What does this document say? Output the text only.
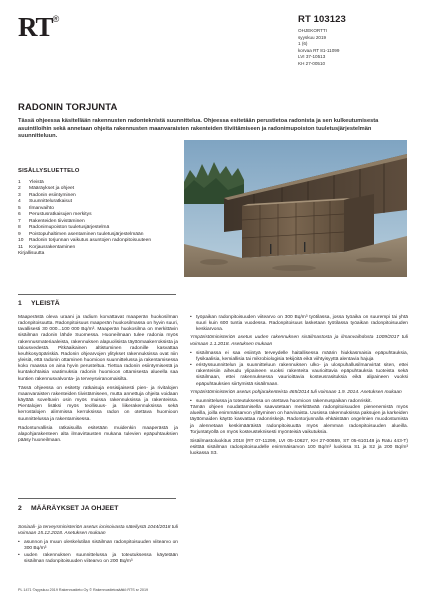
RT®	RT 103123
OHJEKORTTI
syyskuu 2019
1 (6)
korvaa RT 81-11099
LVI 37-10513
KH 27-00510
RADONIN TORJUNTA
Tässä ohjeessa käsitellään rakennusten radonteknistä suunnittelua. Ohjeessa esitetään perustietoa radonista ja sen kulkeutumisesta asuintiloihin sekä annetaan ohjeita rakennusten maanvaraisten rakenteiden tiiviitämiseen ja radonimupoiston tuuletusjärjestelmän suunnitteluun.
SISÄLLYSLUETTELO
1	Yleistä
2	Määräykset ja ohjeet
3	Radonin esiintyminen
4	Suunnitteluratkaisut
5	Ilmanvaihto
6	Perustusratkaisujen merkitys
7	Rakenteiden tiivistäminen
8	Radonimupoiston tuuletusjärjestelmä
9	Poistopuhaltimen asentaminen tuuletusjärjestelmään
10	Radonin torjunnan vaikutus asuntojen radonpitoisuuteen
11	Korjausrakentaminen
Kirjallisuutta
1 YLEISTÄ

Maaperästä oleva uraani ja radium korvattavat maaperän huokosilman radonpitoisuutta. Radonpitoisuus maaperän huokosilmassa on hyvin suuri, tavallisesti 30 000...100 000 Bq/m³. Maaperän huokosilma on merkittävin sisäilman radonin lähde Suomessa. Huoneilmaan tulee radonia myös rakennusmateriaaleista, rakennuksen alapuolisista täyttömaakerroksista ja talousvedestä. Pitkäaikainen altistuminen radonille kasvattaa keuhkosyöpäriskiä. Radonin ohjearvojen ylitykset rakennuksissa ovat niin yleisiä, että radonin ottaminen huomioon suunnittelussa ja rakentamisessa koko maassa on aina hyvin perusteltua. Tiettoa radonin esiintymisestä ja kuntakohtaisia vaatimuksia radonin huomioon ottamisesta alueella saa kuntien rakennusvalvonta- ja terveysviranomaisilta.

Tässä ohjeessa on esitetty ratkaisuja ensisijaisesti pien- ja rivitalojen maanvaraisten rakenteiden tiivistämiseen, mutta annettuja ohjeita voidaan käyttää soveltuvin osin myös muissa rakennuksissa ja rakenteissa. Pientalojen lisäksi myös teollisuus- ja liikerakennuksissa sekä kerrostalojen alimmissa kerroksissa radon on otettava huomioon suunnittelussa ja rakentamisessa.

Radonturvallisia ratkaisuilla esitetään muidenkin maaperästä ja alapohjarakenteen alta ilmavirtausten mukana tulevien epäpuhtauksien pääsy huoneilmaan.

2 MÄÄRÄYKSET JA OHJEET

Sosiaali- ja terveysministeriön asetus ionisoivasta säteilystä 1044/2018 tuli voimaan 15.12.2018. Asetuksen mukaan

• asunnon ja muun oleskelutilan sisäilman radonpitoisuuden viitearvo on 300 Bq/m³
• uuden rakennuksen suunnittelussa ja toteutuksessa käytetään sisäilman radonpitoisuuden viitearvo on 200 Bq/m³
• työpaikan radonpitoisuuden viitearvo on 300 Bq/m³ työtilassa, jossa työaika on suurempi tai yhtä suuri kuin 600 tuntia vuodessa. Radonpitoisuus lasketaan työtilassa työaikan radonpitoisuuden keskiarvona.

Ympäristöministeriön asetus uuden rakennuksen sisäilmastosta ja ilmanvaihdosta 1009/2017 tuli voimaan 1.1.2018. Asetuksen mukaan

• sisäilmassa ei saa esiintyä terveydelle haitallisessa määrin hiukkasmaisia epäpuhtauksia, fysikaalisia, kemiallisia tai mikrobiologisia tekijöitä eikä viihtyisyyttä alentavia hajuja
• eristyssuunnittelun ja suunnitteluun rakennuksen ulko- ja ulospuhallusilmanvirtat siten, ettei rakenteisiin aiheudu ylipaineen vuoksi rakenteita vaurioittavia epäpuhtauksia tuoteista sekä sisäilmaan, ettei rakennuksessa vaurioittavia kosteusrasituksia eikä alipaineen vuoksi epäpuhtauksien siirtymistä sisäilmaan.

Ympäristöministeriön asetus pohjarakenteista 465/2014 tuli voimaan 1.9. 2014. Asetuksen mukaan

• suunnittelussa ja toteutuksessa on otettava huomioon rakennuspaikan radonriskit.

Tämän ohjeen noudattamisella saavutetaan merkittävää radonpitoisuuden pienenemistä myös alueilla, joilla enimmäisarvon ylittyminen on harvinaista. Uusissa rakennuksissa paksujen ja karkeiden täyttömaiden käyttö kasvattaa radonriskejä. Radontorjunnalla ehkäistään ongelmien muodostumista ja alennetaan keskimääräistä radonpitoisuutta myös alemman radonpitoisuuden alueilla. Torjuntatyöllä on myös kosteusteknisesti myönteisiä vaikutuksia.

Sisäilmastoluokitus 2018 (RT 07-11299, LVI 05-10627, KH 27-00659, ST 05-610148 ja Ratu 443-T) esittää sisäilman radonpitoisuudelle enimmäisarvon 100 Bq/m³ luokissa S1 ja S2 ja 200 Bq/m³ luokassa S3.

PL 1471 ©syyskuu 2019 Rakennustieto Oy © Rakennustietosäätiö RTS sr 2019
